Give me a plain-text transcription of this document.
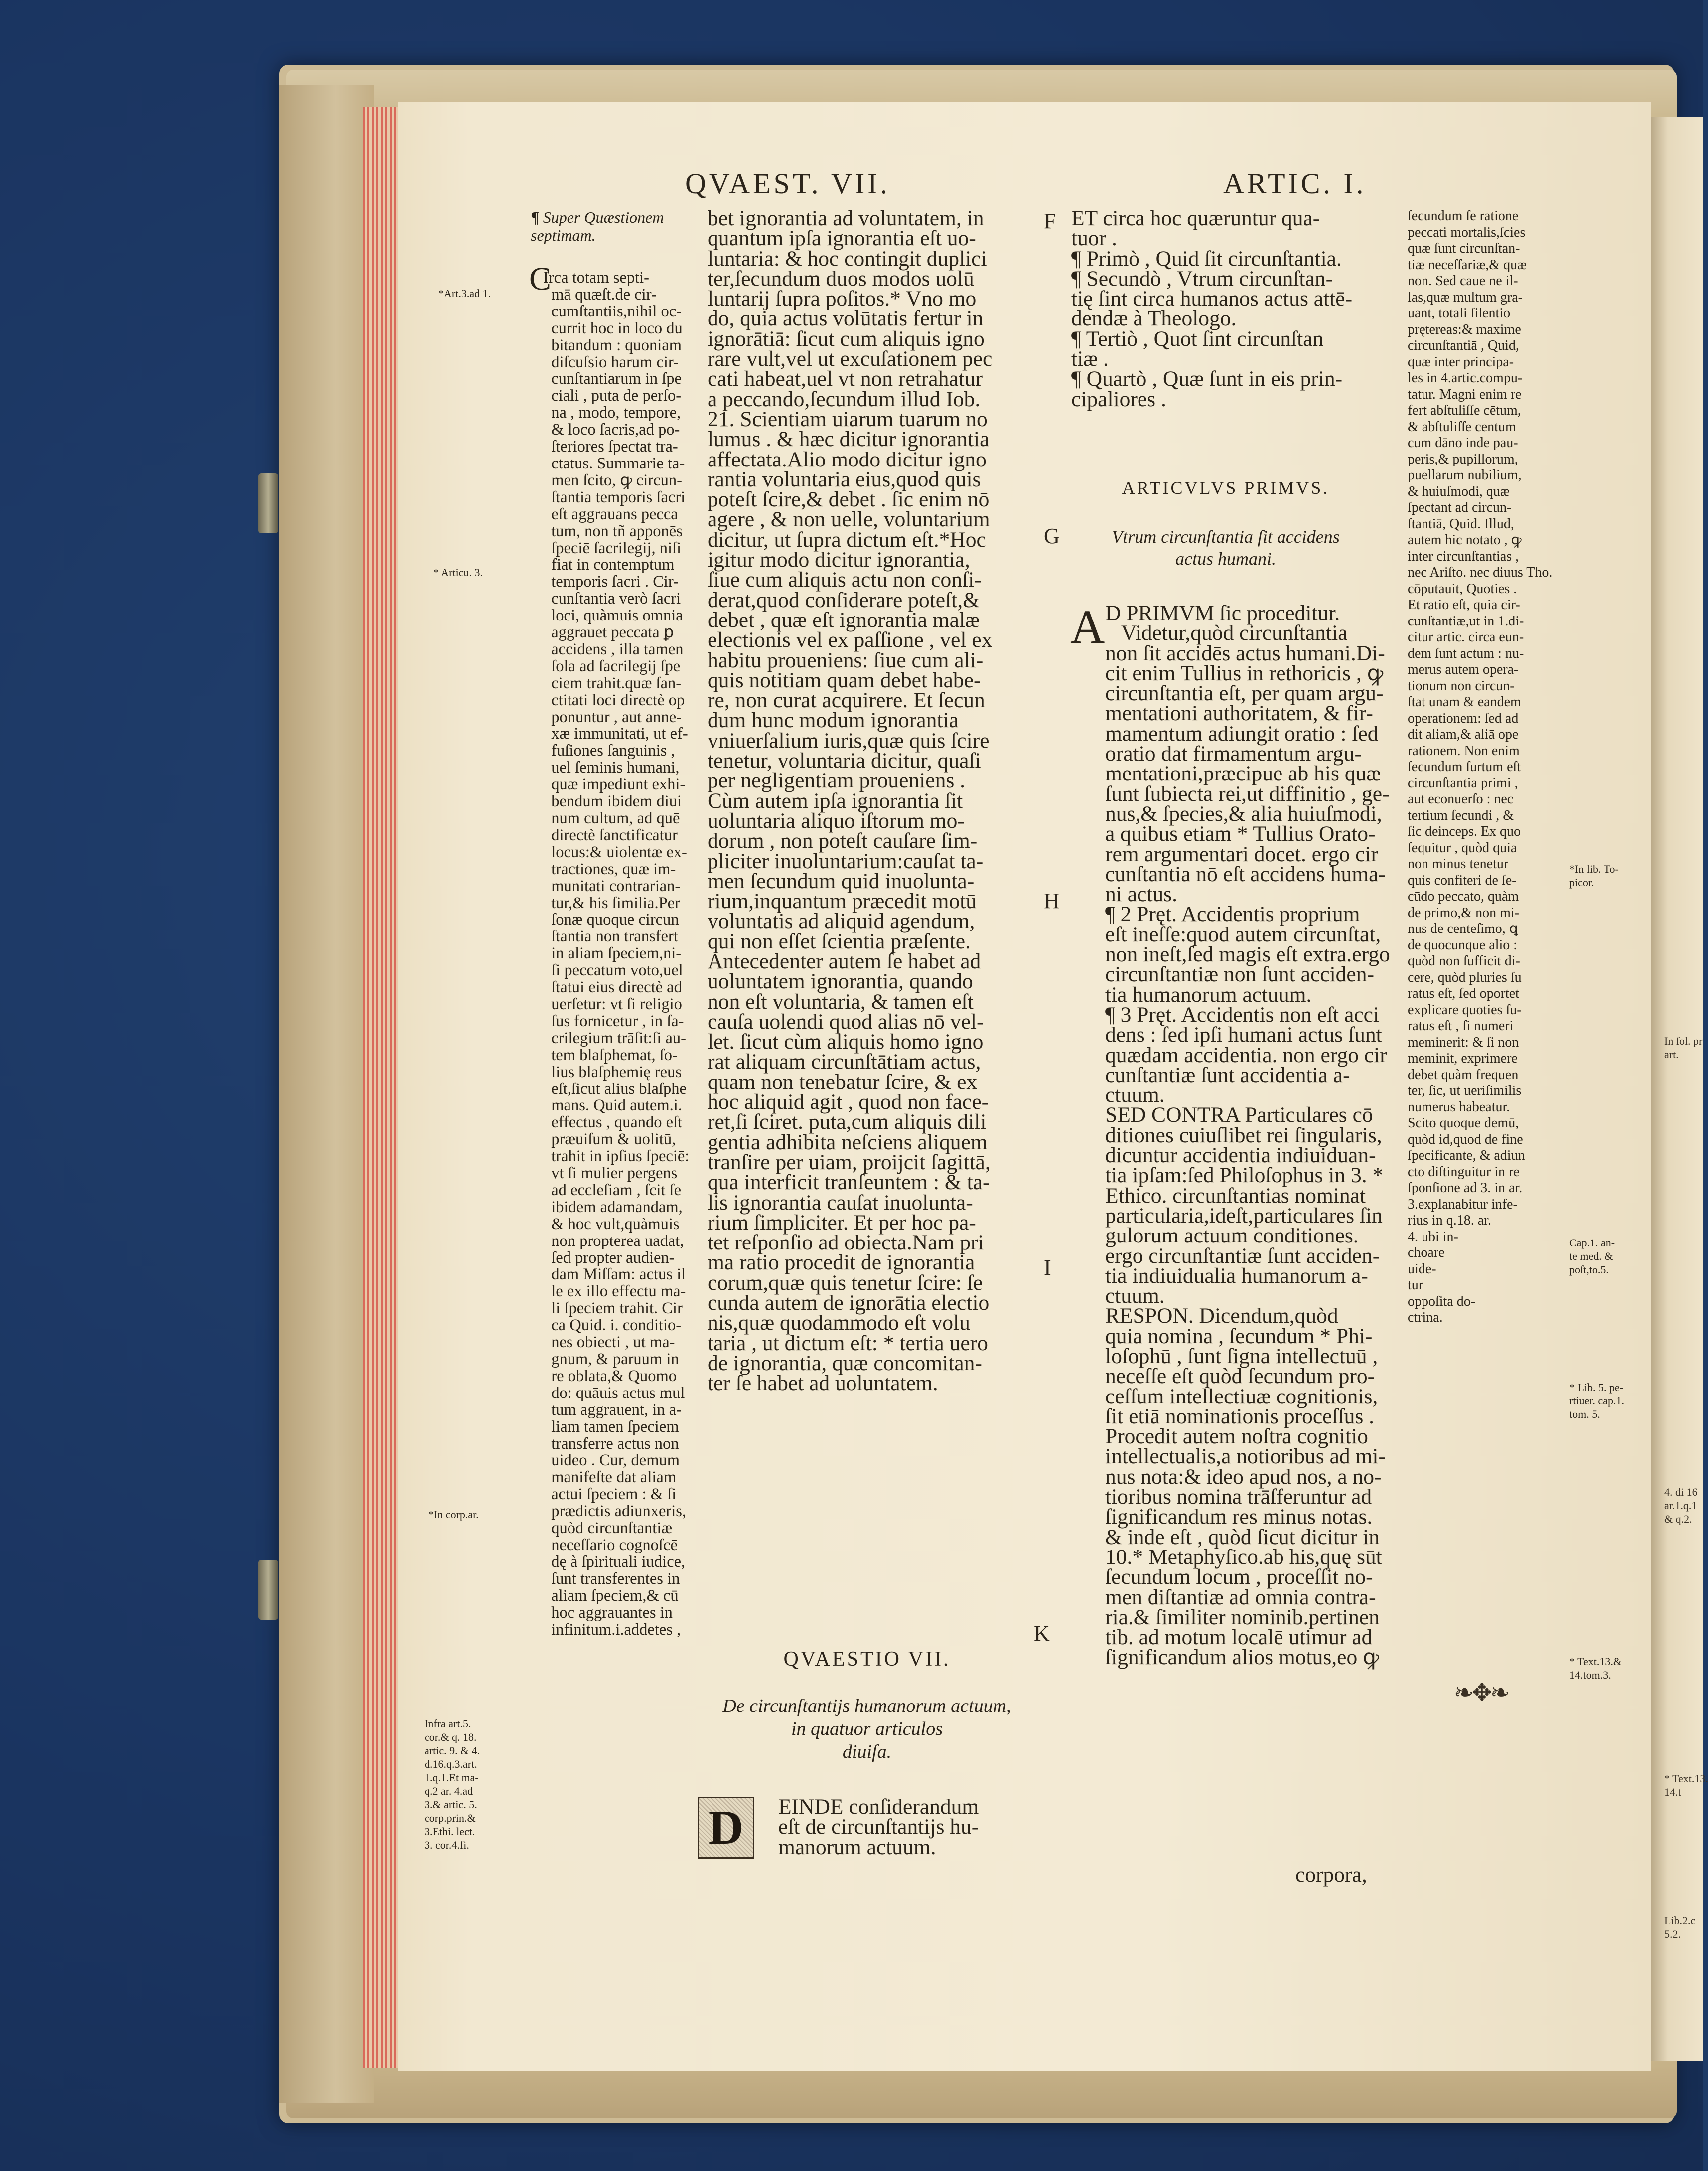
In ſol. pr
art.
4. di 16
ar.1.q.1
& q.2.
* Text.13.
14.t
Lib.2.c
5.2.
QVAEST. VII.	ARTIC. I.
*Art.3.ad 1.
* Articu. 3.
*In corp.ar.
Infra art.5.
cor.& q. 18.
artic. 9. & 4.
d.16.q.3.art.
1.q.1.Et ma-
q.2 ar. 4.ad
3.& artic. 5.
corp.prin.&
3.Ethi. lect.
3. cor.4.fi.
¶ Super Quæstionem
septimam.
C
Irca totam septi-
mā quæſt.de cir-
cumſtantiis,nihil oc-
currit hoc in loco du
bitandum : quoniam
diſcuſsio harum cir-
cunſtantiarum in ſpe
ciali , puta de perſo-
na , modo, tempore,
& loco ſacris,ad po-
ſteriores ſpectat tra-
ctatus. Summarie ta-
men ſcito, ꝙ circun-
ſtantia temporis ſacri
eſt aggrauans pecca
tum, non tñ apponēs
ſpeciē ſacrilegij, niſi
fiat in contemptum
temporis ſacri . Cir-
cunſtantia verò ſacri
loci, quàmuis omnia
aggrauet peccata ꝑ
accidens , illa tamen
ſola ad ſacrilegij ſpe
ciem trahit.quæ ſan-
ctitati loci directè op
ponuntur , aut anne-
xæ immunitati, ut ef-
fuſiones ſanguinis ,
uel ſeminis humani,
quæ impediunt exhi-
bendum ibidem diui
num cultum, ad quē
directè ſanctificatur
locus:& uiolentæ ex-
tractiones, quæ im-
munitati contrarian-
tur,& his ſimilia.Per
ſonæ quoque circun
ſtantia non transfert
in aliam ſpeciem,ni-
ſi peccatum voto,uel
ſtatui eius directè ad
uerſetur: vt ſi religio
ſus fornicetur , in ſa-
crilegium trāſit:ſi au-
tem blaſphemat, ſo-
lius blaſphemię reus
eſt,ſicut alius blaſphe
mans. Quid autem.i.
effectus , quando eſt
præuiſum & uolitū,
trahit in ipſius ſpeciē:
vt ſi mulier pergens
ad eccleſiam , ſcit ſe
ibidem adamandam,
& hoc vult,quàmuis
non propterea uadat,
ſed propter audien-
dam Miſſam: actus il
le ex illo effectu ma-
li ſpeciem trahit. Cir
ca Quid. i. conditio-
nes obiecti , ut ma-
gnum, & paruum in
re oblata,& Quomo
do: quāuis actus mul
tum aggrauent, in a-
liam tamen ſpeciem
transferre actus non
uideo . Cur, demum
manifeſte dat aliam
actui ſpeciem : & ſi
prædictis adiunxeris,
quòd circunſtantiæ
neceſſario cognoſcē
dę à ſpirituali iudice,
ſunt transferentes in
aliam ſpeciem,& cū
hoc aggrauantes in
infinitum.i.addetes ,
bet ignorantia ad voluntatem, in
quantum ipſa ignorantia eſt uo-
luntaria: & hoc contingit duplici
ter,ſecundum duos modos uolū
luntarij ſupra poſitos.* Vno mo
do, quia actus volūtatis fertur in
ignorātiā: ſicut cum aliquis igno
rare vult,vel ut excuſationem pec
cati habeat,uel vt non retrahatur
a peccando,ſecundum illud Iob.
21. Scientiam uiarum tuarum no
lumus . & hæc dicitur ignorantia
affectata.Alio modo dicitur igno
rantia voluntaria eius,quod quis
poteſt ſcire,& debet . ſic enim nō
agere , & non uelle, voluntarium
dicitur, ut ſupra dictum eſt.*Hoc
igitur modo dicitur ignorantia,
ſiue cum aliquis actu non conſi-
derat,quod conſiderare poteſt,&
debet , quæ eſt ignorantia malæ
electionis vel ex paſſione , vel ex
habitu proueniens: ſiue cum ali-
quis notitiam quam debet habe-
re, non curat acquirere. Et ſecun
dum hunc modum ignorantia
vniuerſalium iuris,quæ quis ſcire
tenetur, voluntaria dicitur, quaſi
per negligentiam proueniens .
Cùm autem ipſa ignorantia ſit
uoluntaria aliquo iſtorum mo-
dorum , non poteſt cauſare ſim-
pliciter inuoluntarium:cauſat ta-
men ſecundum quid inuolunta-
rium,inquantum præcedit motū
voluntatis ad aliquid agendum,
qui non eſſet ſcientia præſente.
Antecedenter autem ſe habet ad
uoluntatem ignorantia, quando
non eſt voluntaria, & tamen eſt
cauſa uolendi quod alias nō vel-
let. ſicut cùm aliquis homo igno
rat aliquam circunſtātiam actus,
quam non tenebatur ſcire, & ex
hoc aliquid agit , quod non face-
ret,ſi ſciret. puta,cum aliquis dili
gentia adhibita neſciens aliquem
tranſire per uiam, proijcit ſagittā,
qua interficit tranſeuntem : & ta-
lis ignorantia cauſat inuolunta-
rium ſimpliciter. Et per hoc pa-
tet reſponſio ad obiecta.Nam pri
ma ratio procedit de ignorantia
corum,quæ quis tenetur ſcire: ſe
cunda autem de ignorātia electio
nis,quæ quodammodo eſt volu
taria , ut dictum eſt: * tertia uero
de ignorantia, quæ concomitan-
ter ſe habet ad uoluntatem.
QVAESTIO VII.
De circunſtantijs humanorum actuum,
in quatuor articulos
diuiſa.
D	EINDE conſiderandum
eſt de circunſtantijs hu-
manorum actuum.
F
G
H
I
K
ET circa hoc quæruntur qua-
tuor .
¶ Primò , Quid ſit circunſtantia.
¶ Secundò , Vtrum circunſtan-
tię ſint circa humanos actus attē-
dendæ à Theologo.
¶ Tertiò , Quot ſint circunſtan
tiæ .
¶ Quartò , Quæ ſunt in eis prin-
cipaliores .
ARTICVLVS PRIMVS.
Vtrum circunſtantia ſit accidens
actus humani.
A D PRIMVM ſic proceditur.
Videtur,quòd circunſtantia
non ſit accidēs actus humani.Di-
cit enim Tullius in rethoricis , ꝙ
circunſtantia eſt, per quam argu-
mentationi authoritatem, & fir-
mamentum adiungit oratio : ſed
oratio dat firmamentum argu-
mentationi,præcipue ab his quæ
ſunt ſubiecta rei,ut diffinitio , ge-
nus,& ſpecies,& alia huiuſmodi,
a quibus etiam * Tullius Orato-
rem argumentari docet. ergo cir
cunſtantia nō eſt accidens huma-
ni actus.
¶ 2 Pręt. Accidentis proprium
eſt ineſſe:quod autem circunſtat,
non ineſt,ſed magis eſt extra.ergo
circunſtantiæ non ſunt acciden-
tia humanorum actuum.
¶ 3 Pręt. Accidentis non eſt acci
dens : ſed ipſi humani actus ſunt
quædam accidentia. non ergo cir
cunſtantiæ ſunt accidentia a-
ctuum.
SED CONTRA Particulares cō
ditiones cuiuſlibet rei ſingularis,
dicuntur accidentia indiuiduan-
tia ipſam:ſed Philoſophus in 3. *
Ethico. circunſtantias nominat
particularia,ideſt,particulares ſin
gulorum actuum conditiones.
ergo circunſtantiæ ſunt acciden-
tia indiuidualia humanorum a-
ctuum.
RESPON. Dicendum,quòd
quia nomina , ſecundum * Phi-
loſophū , ſunt ſigna intellectuū ,
neceſſe eſt quòd ſecundum pro-
ceſſum intellectiuæ cognitionis,
ſit etiā nominationis proceſſus .
Procedit autem noſtra cognitio
intellectualis,a notioribus ad mi-
nus nota:& ideo apud nos, a no-
tioribus nomina trāſferuntur ad
ſignificandum res minus notas.
& inde eſt , quòd ſicut dicitur in
10.* Metaphyſico.ab his,quę sūt
ſecundum locum , proceſſit no-
men diſtantiæ ad omnia contra-
ria.& ſimiliter nominib.pertinen
tib. ad motum localē utimur ad
ſignificandum alios motus,eo ꝙ
corpora,
ſecundum ſe ratione
peccati mortalis,ſcies
quæ ſunt circunſtan-
tiæ neceſſariæ,& quæ
non. Sed caue ne il-
las,quæ multum gra-
uant, totali ſilentio
prętereas:& maxime
circunſtantiā , Quid,
quæ inter principa-
les in 4.artic.compu-
tatur. Magni enim re
fert abſtuliſſe cētum,
& abſtuliſſe centum
cum dāno inde pau-
peris,& pupillorum,
puellarum nubilium,
& huiuſmodi, quæ
ſpectant ad circun-
ſtantiā, Quid. Illud,
autem hic notato , ꝙ
inter circunſtantias ,
nec Ariſto. nec diuus Tho.
cōputauit, Quoties .
Et ratio eſt, quia cir-
cunſtantiæ,ut in 1.di-
citur artic. circa eun-
dem ſunt actum : nu-
merus autem opera-
tionum non circun-
ſtat unam & eandem
operationem: ſed ad
dit aliam,& aliā ope
rationem. Non enim
ſecundum ſurtum eſt
circunſtantia primi ,
aut econuerſo : nec
tertium ſecundi , &
ſic deinceps. Ex quo
ſequitur , quòd quia
non minus tenetur
quis confiteri de ſe-
cūdo peccato, quàm
de primo,& non mi-
nus de centeſimo, ꝗ
de quocunque alio :
quòd non ſufficit di-
cere, quòd pluries ſu
ratus eſt, ſed oportet
explicare quoties ſu-
ratus eſt , ſi numeri
meminerit: & ſi non
meminit, exprimere
debet quàm frequen
ter, ſic, ut ueriſimilis
numerus habeatur.
Scito quoque demū,
quòd id,quod de fine
ſpecificante, & adiun
cto diſtinguitur in re
ſponſione ad 3. in ar.
3.explanabitur infe-
rius in q.18. ar.
4. ubi in-
choare
uide-
tur
oppoſita do-
ctrina.
❧✥❧
*In lib. To-
picor.
Cap.1. an-
te med. &
poſt,to.5.
* Lib. 5. pe-
rtiuer. cap.1.
tom. 5.
* Text.13.&
14.tom.3.
